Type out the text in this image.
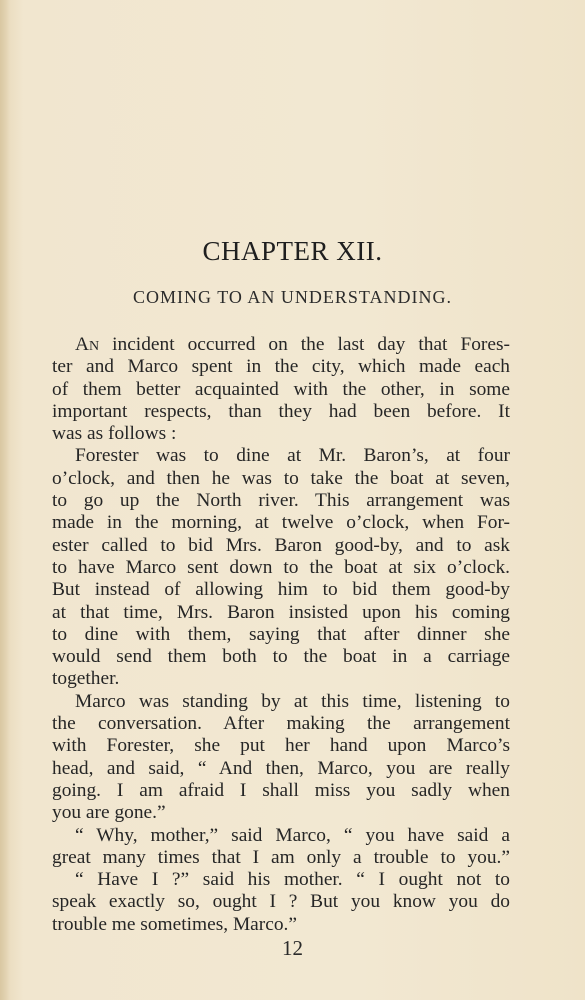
CHAPTER XII.
COMING TO AN UNDERSTANDING.
An incident occurred on the last day that Fores-
ter and Marco spent in the city, which made each
of them better acquainted with the other, in some
important respects, than they had been before. It
was as follows :
Forester was to dine at Mr. Baron’s, at four
o’clock, and then he was to take the boat at seven,
to go up the North river. This arrangement was
made in the morning, at twelve o’clock, when For-
ester called to bid Mrs. Baron good-by, and to ask
to have Marco sent down to the boat at six o’clock.
But instead of allowing him to bid them good-by
at that time, Mrs. Baron insisted upon his coming
to dine with them, saying that after dinner she
would send them both to the boat in a carriage
together.
Marco was standing by at this time, listening to
the conversation. After making the arrangement
with Forester, she put her hand upon Marco’s
head, and said, “ And then, Marco, you are really
going. I am afraid I shall miss you sadly when
you are gone.”
“ Why, mother,” said Marco, “ you have said a
great many times that I am only a trouble to you.”
“ Have I ?” said his mother. “ I ought not to
speak exactly so, ought I ? But you know you do
trouble me sometimes, Marco.”
12
